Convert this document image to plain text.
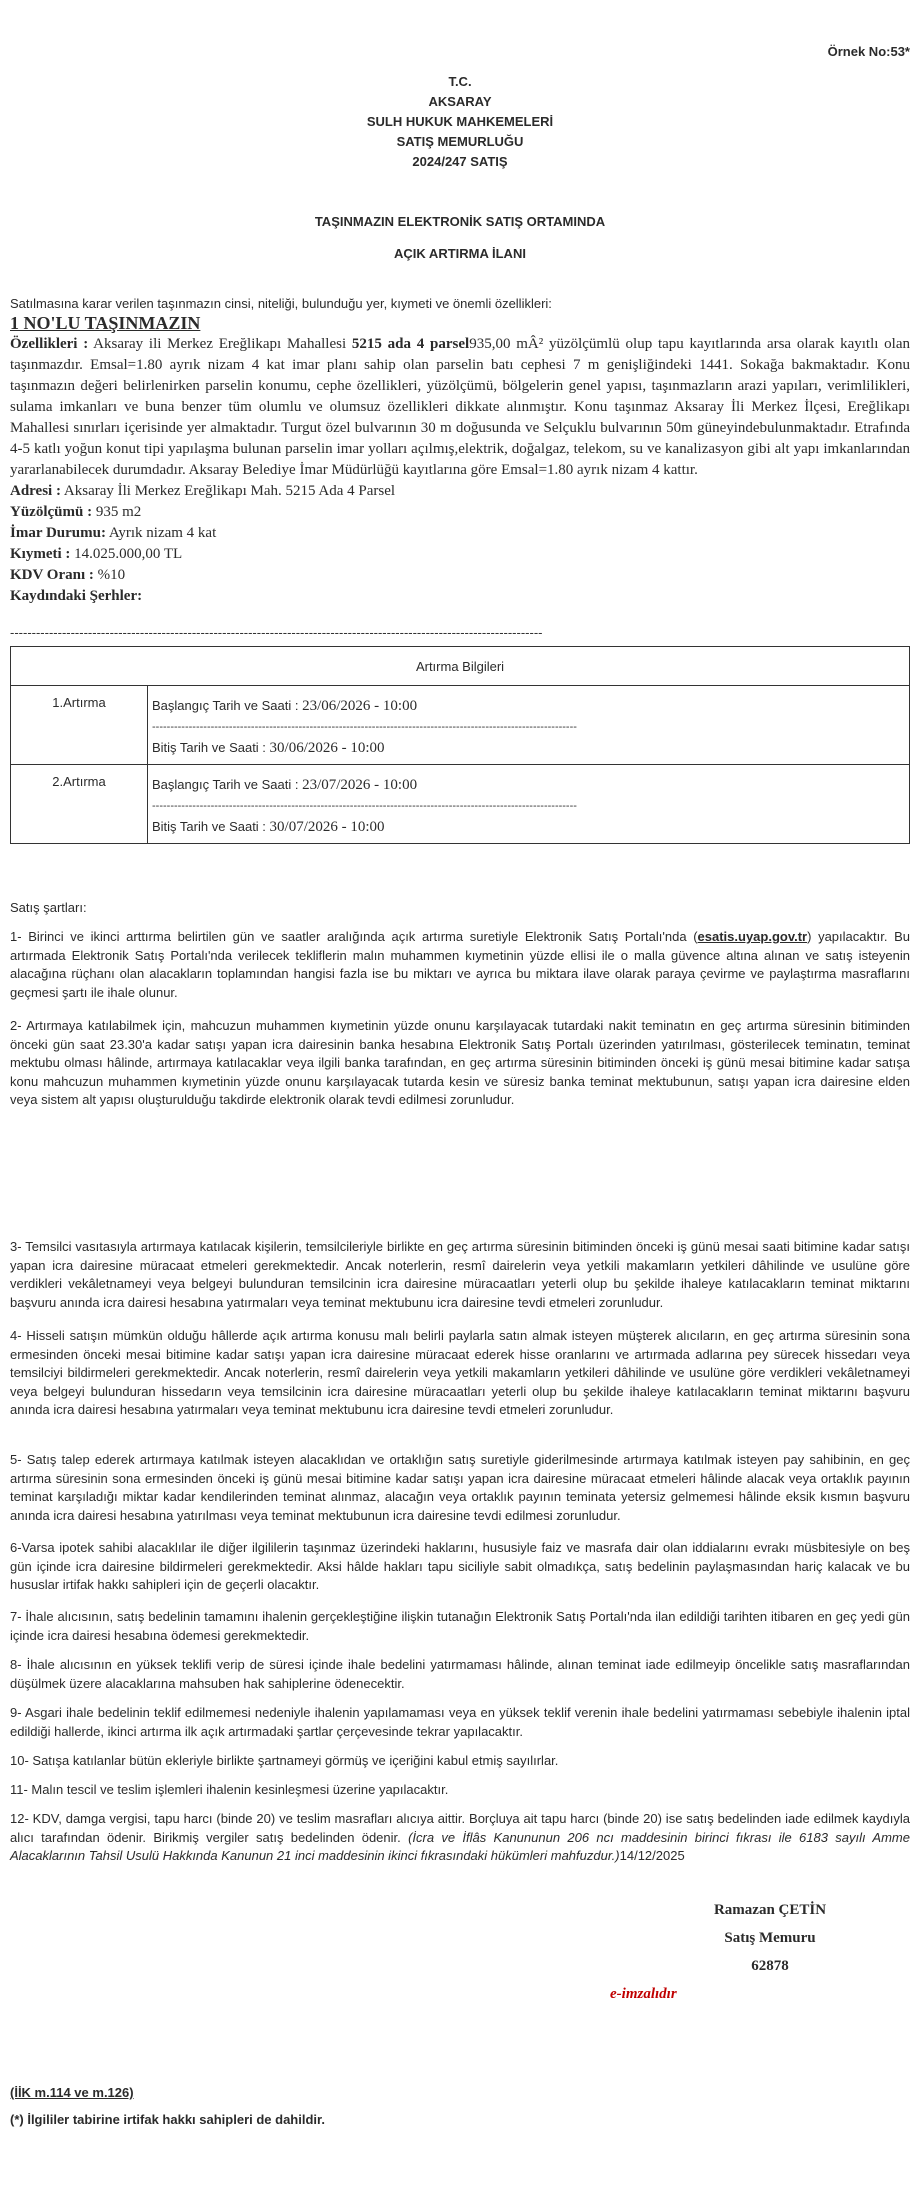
Örnek No:53*
T.C.
AKSARAY
SULH HUKUK MAHKEMELERİ
SATIŞ MEMURLUĞU
2024/247 SATIŞ
TAŞINMAZIN ELEKTRONİK SATIŞ ORTAMINDA
AÇIK ARTIRMA İLANI
Satılmasına karar verilen taşınmazın cinsi, niteliği, bulunduğu yer, kıymeti ve önemli özellikleri:
1 NO'LU TAŞINMAZIN
Özellikleri : Aksaray ili Merkez Ereğlikapı Mahallesi 5215 ada 4 parsel935,00 mÂ² yüzölçümlü olup tapu kayıtlarında arsa olarak kayıtlı olan taşınmazdır. Emsal=1.80 ayrık nizam 4 kat imar planı sahip olan parselin batı cephesi 7 m genişliğindeki 1441. Sokağa bakmaktadır. Konu taşınmazın değeri belirlenirken parselin konumu, cephe özellikleri, yüzölçümü, bölgelerin genel yapısı, taşınmazların arazi yapıları, verimlilikleri, sulama imkanları ve buna benzer tüm olumlu ve olumsuz özellikleri dikkate alınmıştır. Konu taşınmaz Aksaray İli Merkez İlçesi, Ereğlikapı Mahallesi sınırları içerisinde yer almaktadır. Turgut özel bulvarının 30 m doğusunda ve Selçuklu bulvarının 50m güneyindebulunmaktadır. Etrafında 4-5 katlı yoğun konut tipi yapılaşma bulunan parselin imar yolları açılmış,elektrik, doğalgaz, telekom, su ve kanalizasyon gibi alt yapı imkanlarından yararlanabilecek durumdadır. Aksaray Belediye İmar Müdürlüğü kayıtlarına göre Emsal=1.80 ayrık nizam 4 kattır.
Adresi : Aksaray İli Merkez Ereğlikapı Mah. 5215 Ada 4 Parsel
Yüzölçümü : 935 m2
İmar Durumu: Ayrık nizam 4 kat
Kıymeti : 14.025.000,00 TL
KDV Oranı : %10
Kaydındaki Şerhler:
---------------------------------------------------------------------------------------------------------------------------
Artırma Bilgileri	
1.Artırma	Başlangıç Tarih ve Saati : 23/06/2026 - 10:00
--------------------------------------------------------------------------------------------------------------------
Bitiş Tarih ve Saati : 30/06/2026 - 10:00

2.Artırma	Başlangıç Tarih ve Saati : 23/07/2026 - 10:00
--------------------------------------------------------------------------------------------------------------------
Bitiş Tarih ve Saati : 30/07/2026 - 10:00
Satış şartları:
1- Birinci ve ikinci arttırma belirtilen gün ve saatler aralığında açık artırma suretiyle Elektronik Satış Portalı'nda (esatis.uyap.gov.tr) yapılacaktır. Bu artırmada Elektronik Satış Portalı'nda verilecek tekliflerin malın muhammen kıymetinin yüzde ellisi ile o malla güvence altına alınan ve satış isteyenin alacağına rüçhanı olan alacakların toplamından hangisi fazla ise bu miktarı ve ayrıca bu miktara ilave olarak paraya çevirme ve paylaştırma masraflarını geçmesi şartı ile ihale olunur.
2- Artırmaya katılabilmek için, mahcuzun muhammen kıymetinin yüzde onunu karşılayacak tutardaki nakit teminatın en geç artırma süresinin bitiminden önceki gün saat 23.30'a kadar satışı yapan icra dairesinin banka hesabına Elektronik Satış Portalı üzerinden yatırılması, gösterilecek teminatın, teminat mektubu olması hâlinde, artırmaya katılacaklar veya ilgili banka tarafından, en geç artırma süresinin bitiminden önceki iş günü mesai bitimine kadar satışa konu mahcuzun muhammen kıymetinin yüzde onunu karşılayacak tutarda kesin ve süresiz banka teminat mektubunun, satışı yapan icra dairesine elden veya sistem alt yapısı oluşturulduğu takdirde elektronik olarak tevdi edilmesi zorunludur.
3- Temsilci vasıtasıyla artırmaya katılacak kişilerin, temsilcileriyle birlikte en geç artırma süresinin bitiminden önceki iş günü mesai saati bitimine kadar satışı yapan icra dairesine müracaat etmeleri gerekmektedir. Ancak noterlerin, resmî dairelerin veya yetkili makamların yetkileri dâhilinde ve usulüne göre verdikleri vekâletnameyi veya belgeyi bulunduran temsilcinin icra dairesine müracaatları yeterli olup bu şekilde ihaleye katılacakların teminat miktarını başvuru anında icra dairesi hesabına yatırmaları veya teminat mektubunu icra dairesine tevdi etmeleri zorunludur.
4- Hisseli satışın mümkün olduğu hâllerde açık artırma konusu malı belirli paylarla satın almak isteyen müşterek alıcıların, en geç artırma süresinin sona ermesinden önceki mesai bitimine kadar satışı yapan icra dairesine müracaat ederek hisse oranlarını ve artırmada adlarına pey sürecek hissedarı veya temsilciyi bildirmeleri gerekmektedir. Ancak noterlerin, resmî dairelerin veya yetkili makamların yetkileri dâhilinde ve usulüne göre verdikleri vekâletnameyi veya belgeyi bulunduran hissedarın veya temsilcinin icra dairesine müracaatları yeterli olup bu şekilde ihaleye katılacakların teminat miktarını başvuru anında icra dairesi hesabına yatırmaları veya teminat mektubunu icra dairesine tevdi etmeleri zorunludur.
5- Satış talep ederek artırmaya katılmak isteyen alacaklıdan ve ortaklığın satış suretiyle giderilmesinde artırmaya katılmak isteyen pay sahibinin, en geç artırma süresinin sona ermesinden önceki iş günü mesai bitimine kadar satışı yapan icra dairesine müracaat etmeleri hâlinde alacak veya ortaklık payının teminat karşıladığı miktar kadar kendilerinden teminat alınmaz, alacağın veya ortaklık payının teminata yetersiz gelmemesi hâlinde eksik kısmın başvuru anında icra dairesi hesabına yatırılması veya teminat mektubunun icra dairesine tevdi edilmesi zorunludur.
6-Varsa ipotek sahibi alacaklılar ile diğer ilgililerin taşınmaz üzerindeki haklarını, hususiyle faiz ve masrafa dair olan iddialarını evrakı müsbitesiyle on beş gün içinde icra dairesine bildirmeleri gerekmektedir. Aksi hâlde hakları tapu siciliyle sabit olmadıkça, satış bedelinin paylaşmasından hariç kalacak ve bu hususlar irtifak hakkı sahipleri için de geçerli olacaktır.
7- İhale alıcısının, satış bedelinin tamamını ihalenin gerçekleştiğine ilişkin tutanağın Elektronik Satış Portalı'nda ilan edildiği tarihten itibaren en geç yedi gün içinde icra dairesi hesabına ödemesi gerekmektedir.
8- İhale alıcısının en yüksek teklifi verip de süresi içinde ihale bedelini yatırmaması hâlinde, alınan teminat iade edilmeyip öncelikle satış masraflarından düşülmek üzere alacaklarına mahsuben hak sahiplerine ödenecektir.
9- Asgari ihale bedelinin teklif edilmemesi nedeniyle ihalenin yapılamaması veya en yüksek teklif verenin ihale bedelini yatırmaması sebebiyle ihalenin iptal edildiği hallerde, ikinci artırma ilk açık artırmadaki şartlar çerçevesinde tekrar yapılacaktır.
10- Satışa katılanlar bütün ekleriyle birlikte şartnameyi görmüş ve içeriğini kabul etmiş sayılırlar.
11- Malın tescil ve teslim işlemleri ihalenin kesinleşmesi üzerine yapılacaktır.
12- KDV, damga vergisi, tapu harcı (binde 20) ve teslim masrafları alıcıya aittir. Borçluya ait tapu harcı (binde 20) ise satış bedelinden iade edilmek kaydıyla alıcı tarafından ödenir. Birikmiş vergiler satış bedelinden ödenir. (İcra ve İflâs Kanununun 206 ncı maddesinin birinci fıkrası ile 6183 sayılı Amme Alacaklarının Tahsil Usulü Hakkında Kanunun 21 inci maddesinin ikinci fıkrasındaki hükümleri mahfuzdur.)14/12/2025
Ramazan ÇETİN
Satış Memuru
62878
e-imzalıdır
(İİK m.114 ve m.126)
(*) İlgililer tabirine irtifak hakkı sahipleri de dahildir.
